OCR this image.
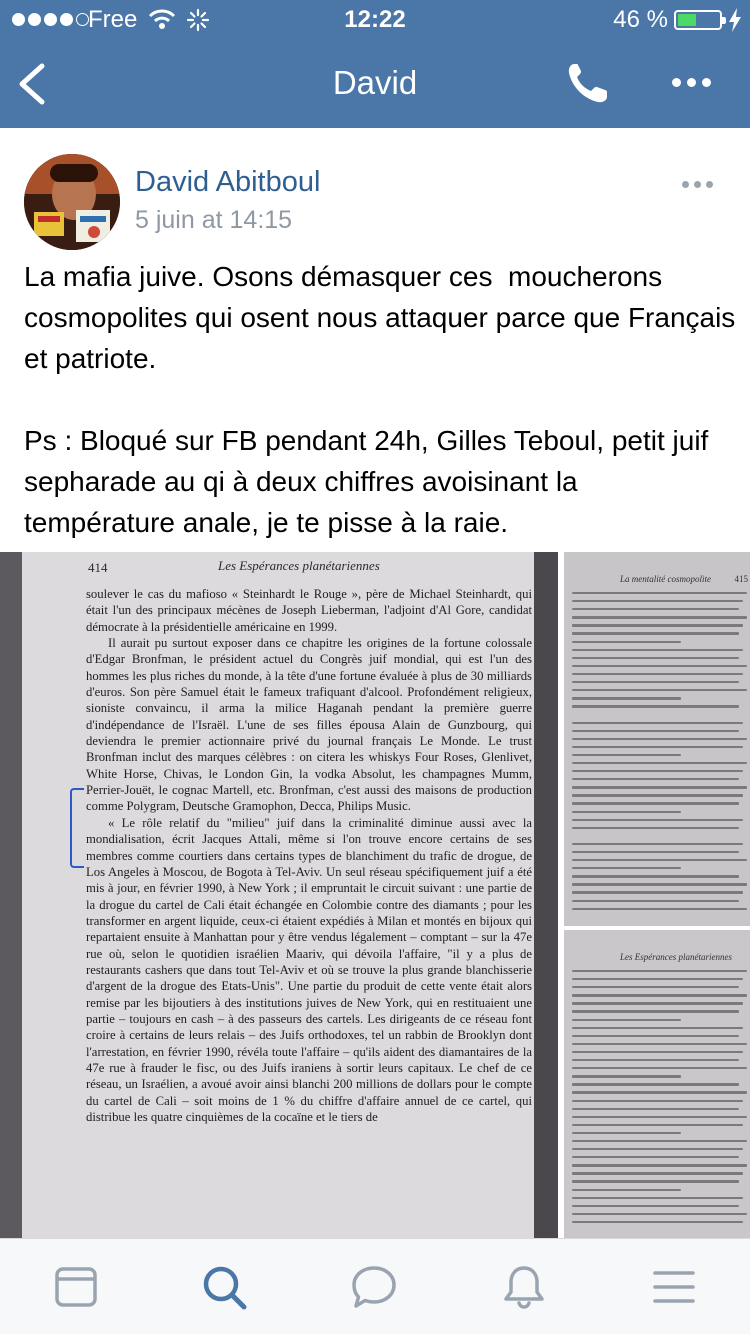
Free	12:22	46 %
David
David Abitboul
5 juin at 14:15
La mafia juive. Osons démasquer ces  moucherons cosmopolites qui osent nous attaquer parce que Français et patriote.

Ps : Bloqué sur FB pendant 24h, Gilles Teboul, petit juif sepharade au qi à deux chiffres avoisinant la température anale, je te pisse à la raie.
414	Les Espérances planétariennes

soulever le cas du mafioso « Steinhardt le Rouge », père de Michael Steinhardt, qui était l'un des principaux mécènes de Joseph Lieberman, l'adjoint d'Al Gore, candidat démocrate à la présidentielle américaine en 1999.

Il aurait pu surtout exposer dans ce chapitre les origines de la fortune colossale d'Edgar Bronfman, le président actuel du Congrès juif mondial, qui est l'un des hommes les plus riches du monde, à la tête d'une fortune évaluée à plus de 30 milliards d'euros. Son père Samuel était le fameux trafiquant d'alcool. Profondément religieux, sioniste convaincu, il arma la milice Haganah pendant la première guerre d'indépendance de l'Israël. L'une de ses filles épousa Alain de Gunzbourg, qui deviendra le premier actionnaire privé du journal français Le Monde. Le trust Bronfman inclut des marques célèbres : on citera les whiskys Four Roses, Glenlivet, White Horse, Chivas, le London Gin, la vodka Absolut, les champagnes Mumm, Perrier-Jouët, le cognac Martell, etc. Bronfman, c'est aussi des maisons de production comme Polygram, Deutsche Gramophon, Decca, Philips Music.

« Le rôle relatif du "milieu" juif dans la criminalité diminue aussi avec la mondialisation, écrit Jacques Attali, même si l'on trouve encore certains de ses membres comme courtiers dans certains types de blanchiment du trafic de drogue, de Los Angeles à Moscou, de Bogota à Tel-Aviv. Un seul réseau spécifiquement juif a été mis à jour, en février 1990, à New York ; il empruntait le circuit suivant : une partie de la drogue du cartel de Cali était échangée en Colombie contre des diamants ; pour les transformer en argent liquide, ceux-ci étaient expédiés à Milan et montés en bijoux qui repartaient ensuite à Manhattan pour y être vendus légalement – comptant – sur la 47e rue où, selon le quotidien israélien Maariv, qui dévoila l'affaire, "il y a plus de restaurants cashers que dans tout Tel-Aviv et où se trouve la plus grande blanchisserie d'argent de la drogue des Etats-Unis". Une partie du produit de cette vente était alors remise par les bijoutiers à des institutions juives de New York, qui en restituaient une partie – toujours en cash – à des passeurs des cartels. Les dirigeants de ce réseau font croire à certains de leurs relais – des Juifs orthodoxes, tel un rabbin de Brooklyn dont l'arrestation, en février 1990, révéla toute l'affaire – qu'ils aident des diamantaires de la 47e rue à frauder le fisc, ou des Juifs iraniens à sortir leurs capitaux. Le chef de ce réseau, un Israélien, a avoué avoir ainsi blanchi 200 millions de dollars pour le compte du cartel de Cali – soit moins de 1 % du chiffre d'affaire annuel de ce cartel, qui distribue les quatre cinquièmes de la cocaïne et le tiers de

La mentalité cosmopolite	415
Les Espérances planétariennes
